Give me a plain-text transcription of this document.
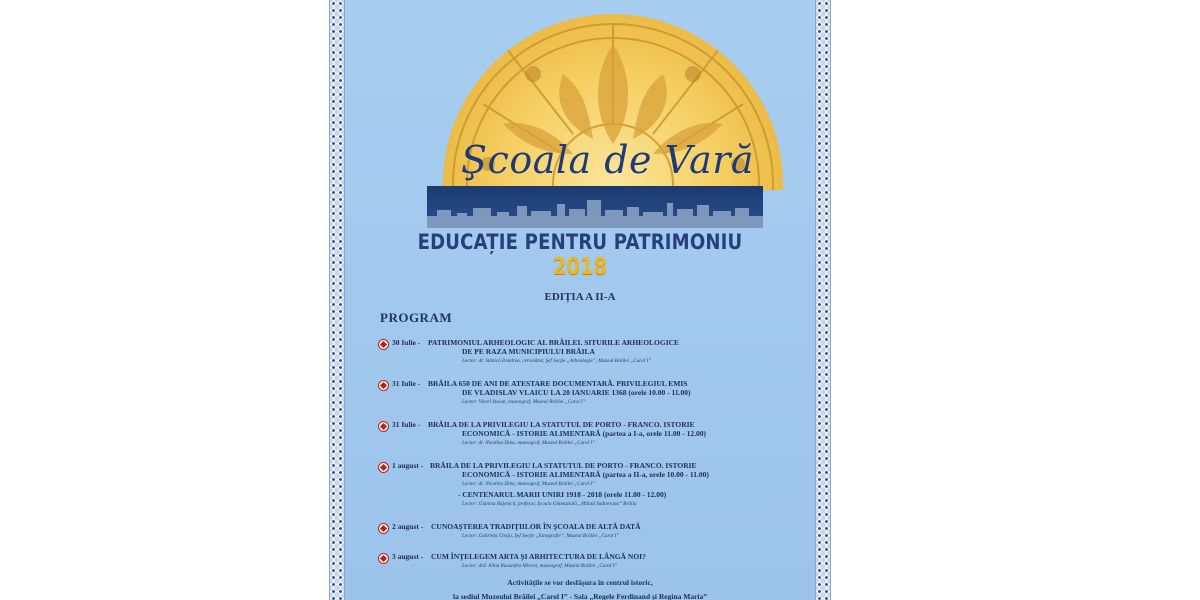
Şcoala de Vară
EDUCAȚIE PENTRU PATRIMONIU
2018
EDIȚIA A II-A
PROGRAM
30 Iulie - PATRIMONIUL ARHEOLOGIC AL BRĂILEI. SITURILE ARHEOLOGICE
DE PE RAZA MUNICIPIULUI BRĂILA
Lector: dr. Stănică Pandrea, cercetător, Şef Secţie „Arheologie”, Muzeul Brăilei „Carol I”
31 Iulie - BRĂILA 650 DE ANI DE ATESTARE DOCUMENTARĂ. PRIVILEGIUL EMIS
DE VLADISLAV VLAICU LA 20 IANUARIE 1368 (orele 10.00 - 11.00)
Lector: Viorel Stoian, muzeograf, Muzeul Brăilei „Carol I”
31 Iulie - BRĂILA DE LA PRIVILEGIU LA STATUTUL DE PORTO - FRANCO. ISTORIE
ECONOMICĂ - ISTORIE ALIMENTARĂ (partea a I-a, orele 11.00 - 12.00)
Lector: dr. Niculina Dinu, muzeograf, Muzeul Brăilei „Carol I”
1 august - BRĂILA DE LA PRIVILEGIU LA STATUTUL DE PORTO - FRANCO. ISTORIE
ECONOMICĂ - ISTORIE ALIMENTARĂ (partea a II-a, orele 10.00 - 11.00)
Lector: dr. Niculina Dinu, muzeograf, Muzeul Brăilei „Carol I”
- CENTENARUL MARII UNIRI 1918 - 2018 (orele 11.00 - 12.00)
Lector: Gianina Băjenică, profesor, Şcoala Gimnazială „Mihail Sadoveanu” Brăila
2 august - CUNOAŞTEREA TRADIŢIILOR ÎN ŞCOALA DE ALTĂ DATĂ
Lector: Gabriela Cleşiu, Şef Secţie „Etnografie”, Muzeul Brăilei „Carol I”
3 august - CUM ÎNŢELEGEM ARTA ŞI ARHITECTURA DE LÂNGĂ NOI?
Lector: drd. Alina Ruxandra Mircea, muzeograf, Muzeul Brăilei „Carol I”
Activitățile se vor desfășura în centrul istoric,
la sediul Muzeului Brăilei „Carol I” - Sala „Regele Ferdinand și Regina Maria”
